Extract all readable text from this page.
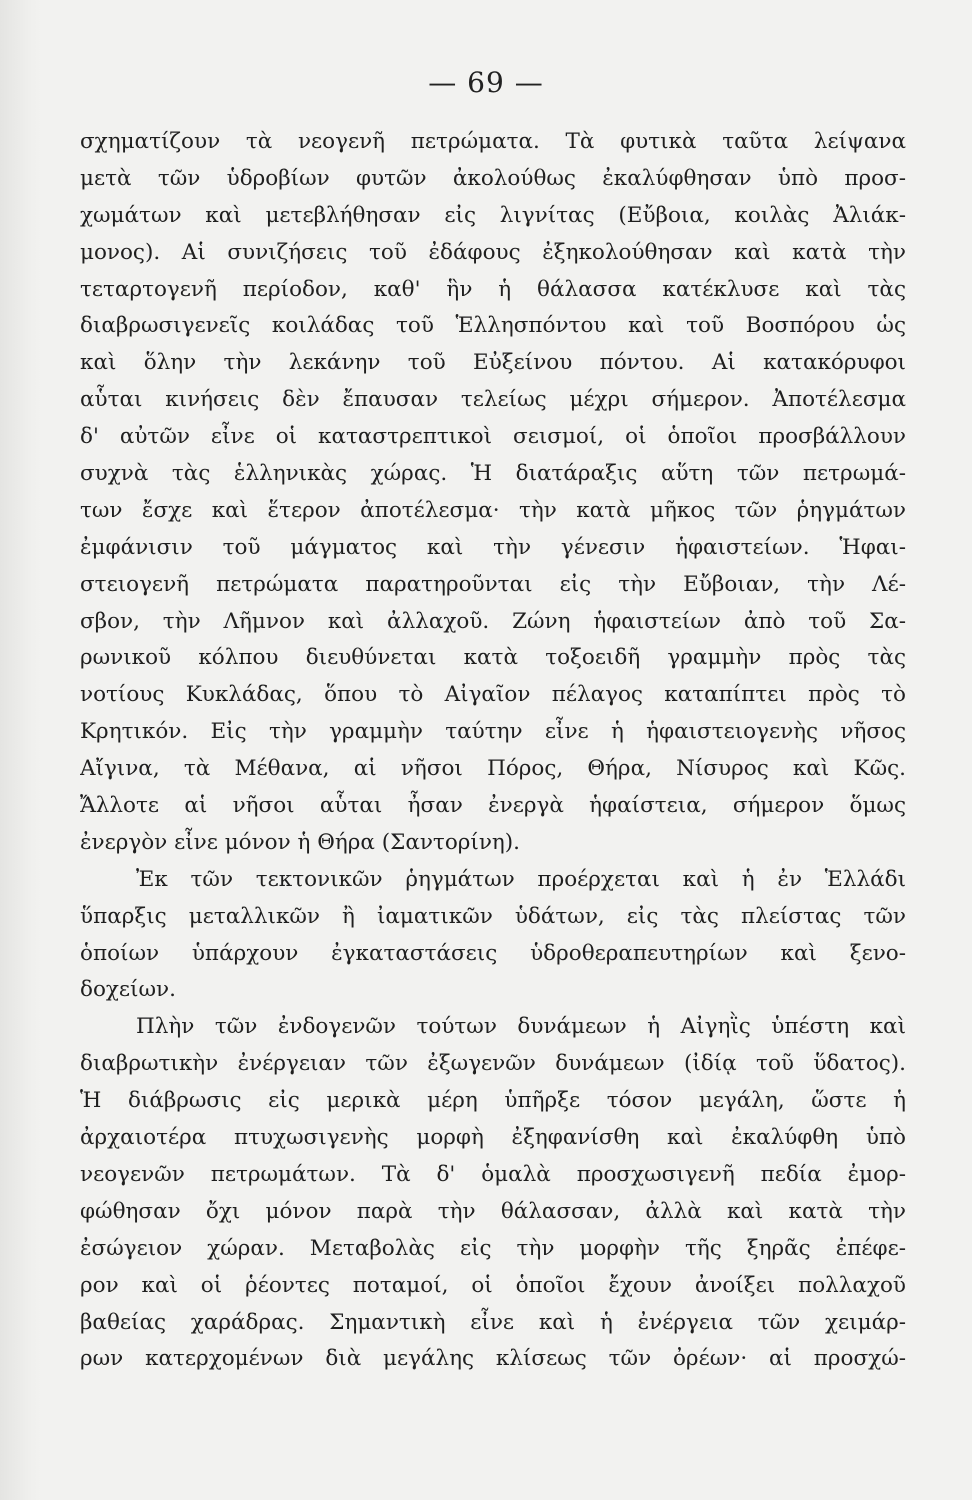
— 69 —
σχηματίζουν τὰ νεογενῆ πετρώματα. Τὰ φυτικὰ ταῦτα λείψανα
μετὰ τῶν ὑδροβίων φυτῶν ἀκολούθως ἐκαλύφθησαν ὑπὸ προσ-
χωμάτων καὶ μετεβλήθησαν εἰς λιγνίτας (Εὔβοια, κοιλὰς Ἀλιάκ-
μονος). Αἱ συνιζήσεις τοῦ ἐδάφους ἐξηκολούθησαν καὶ κατὰ τὴν
τεταρτογενῆ περίοδον, καθ' ἣν ἡ θάλασσα κατέκλυσε καὶ τὰς
διαβρωσιγενεῖς κοιλάδας τοῦ Ἑλλησπόντου καὶ τοῦ Βοσπόρου ὡς
καὶ ὅλην τὴν λεκάνην τοῦ Εὐξείνου πόντου. Αἱ κατακόρυφοι
αὗται κινήσεις δὲν ἔπαυσαν τελείως μέχρι σήμερον. Ἀποτέλεσμα
δ' αὐτῶν εἶνε οἱ καταστρεπτικοὶ σεισμοί, οἱ ὁποῖοι προσβάλλουν
συχνὰ τὰς ἑλληνικὰς χώρας. Ἡ διατάραξις αὕτη τῶν πετρωμά-
των ἔσχε καὶ ἕτερον ἀποτέλεσμα· τὴν κατὰ μῆκος τῶν ῥηγμάτων
ἐμφάνισιν τοῦ μάγματος καὶ τὴν γένεσιν ἡφαιστείων. Ἡφαι-
στειογενῆ πετρώματα παρατηροῦνται εἰς τὴν Εὔβοιαν, τὴν Λέ-
σβον, τὴν Λῆμνον καὶ ἀλλαχοῦ. Ζώνη ἡφαιστείων ἀπὸ τοῦ Σα-
ρωνικοῦ κόλπου διευθύνεται κατὰ τοξοειδῆ γραμμὴν πρὸς τὰς
νοτίους Κυκλάδας, ὅπου τὸ Αἰγαῖον πέλαγος καταπίπτει πρὸς τὸ
Κρητικόν. Εἰς τὴν γραμμὴν ταύτην εἶνε ἡ ἡφαιστειογενὴς νῆσος
Αἴγινα, τὰ Μέθανα, αἱ νῆσοι Πόρος, Θήρα, Νίσυρος καὶ Κῶς.
Ἄλλοτε αἱ νῆσοι αὗται ἦσαν ἐνεργὰ ἡφαίστεια, σήμερον ὅμως
ἐνεργὸν εἶνε μόνον ἡ Θήρα (Σαντορίνη).
Ἐκ τῶν τεκτονικῶν ῥηγμάτων προέρχεται καὶ ἡ ἐν Ἑλλάδι
ὕπαρξις μεταλλικῶν ἢ ἰαματικῶν ὑδάτων, εἰς τὰς πλείστας τῶν
ὁποίων ὑπάρχουν ἐγκαταστάσεις ὑδροθεραπευτηρίων καὶ ξενο-
δοχείων.
Πλὴν τῶν ἐνδογενῶν τούτων δυνάμεων ἡ Αἰγηῒς ὑπέστη καὶ
διαβρωτικὴν ἐνέργειαν τῶν ἐξωγενῶν δυνάμεων (ἰδίᾳ τοῦ ὕδατος).
Ἡ διάβρωσις εἰς μερικὰ μέρη ὑπῆρξε τόσον μεγάλη, ὥστε ἡ
ἀρχαιοτέρα πτυχωσιγενὴς μορφὴ ἐξηφανίσθη καὶ ἐκαλύφθη ὑπὸ
νεογενῶν πετρωμάτων. Τὰ δ' ὁμαλὰ προσχωσιγενῆ πεδία ἐμορ-
φώθησαν ὄχι μόνον παρὰ τὴν θάλασσαν, ἀλλὰ καὶ κατὰ τὴν
ἐσώγειον χώραν. Μεταβολὰς εἰς τὴν μορφὴν τῆς ξηρᾶς ἐπέφε-
ρον καὶ οἱ ῥέοντες ποταμοί, οἱ ὁποῖοι ἔχουν ἀνοίξει πολλαχοῦ
βαθείας χαράδρας. Σημαντικὴ εἶνε καὶ ἡ ἐνέργεια τῶν χειμάρ-
ρων κατερχομένων διὰ μεγάλης κλίσεως τῶν ὀρέων· αἱ προσχώ-
